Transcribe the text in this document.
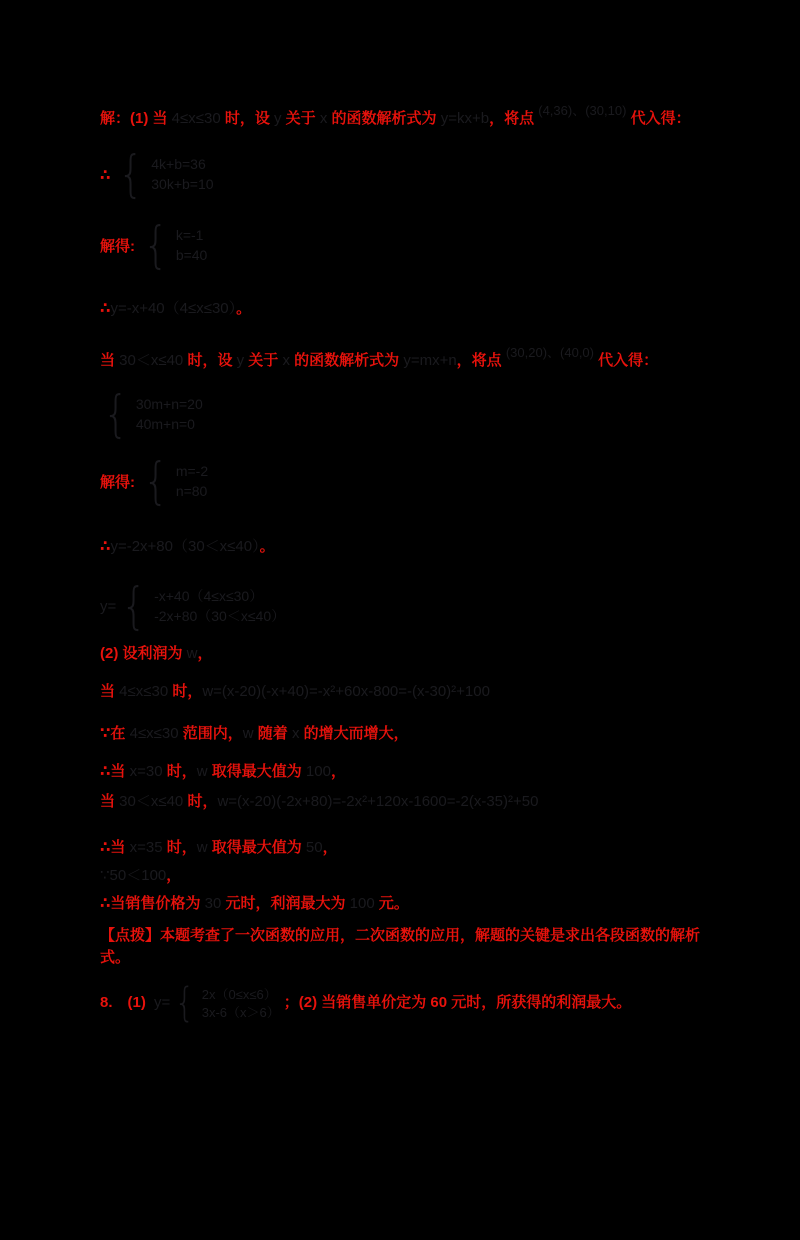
解：(1) 当 4≤x≤30 时，设 y 关于 x 的函数解析式为 y=kx+b，将点 (4,36)、(30,10) 代入得：
∴ { 4k+b=36
30k+b=10
解得: { k=-1
b=40
∴y=-x+40（4≤x≤30）。
当 30＜x≤40 时，设 y 关于 x 的函数解析式为 y=mx+n，将点 (30,20)、(40,0) 代入得：
{ 30m+n=20
40m+n=0
解得: { m=-2
n=80
∴y=-2x+80（30＜x≤40）。
y= { -x+40（4≤x≤30）
-2x+80（30＜x≤40）
(2) 设利润为 w，
当 4≤x≤30 时，w=(x-20)(-x+40)=-x²+60x-800=-(x-30)²+100
∵在 4≤x≤30 范围内，w 随着 x 的增大而增大，
∴当 x=30 时，w 取得最大值为 100，
当 30＜x≤40 时，w=(x-20)(-2x+80)=-2x²+120x-1600=-2(x-35)²+50
∴当 x=35 时，w 取得最大值为 50，
∵50＜100，
∴当销售价格为 30 元时，利润最大为 100 元。
【点拨】本题考查了一次函数的应用，二次函数的应用，解题的关键是求出各段函数的解析式。
8.　(1) y= { 2x（0≤x≤6）
3x-6（x＞6）
；(2) 当销售单价定为 60 元时，所获得的利润最大。
